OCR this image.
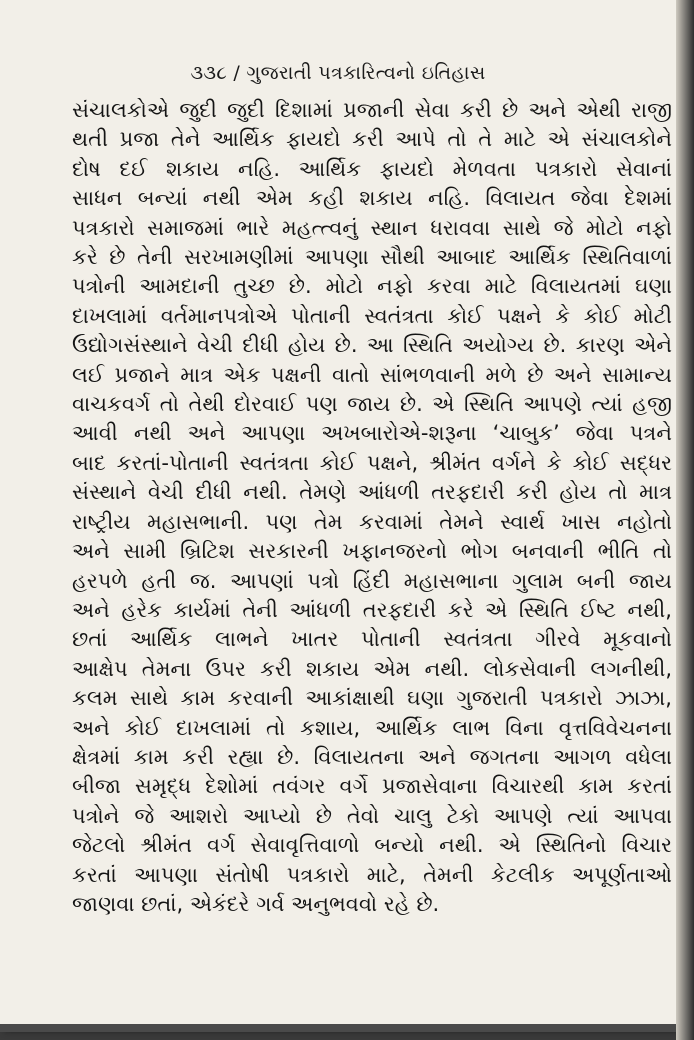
૩૩૮ / ગુજરાતી પત્રકારિત્વનો ઇતિહાસ
સંચાલકોએ જુદી જુદી દિશામાં પ્રજાની સેવા કરી છે અને એથી રાજી
થતી પ્રજા તેને આર્થિક ફાયદો કરી આપે તો તે માટે એ સંચાલકોને
દોષ દઈ શકાય નહિ. આર્થિક ફાયદો મેળવતા પત્રકારો સેવાનાં
સાધન બન્યાં નથી એમ કહી શકાય નહિ. વિલાયત જેવા દેશમાં
પત્રકારો સમાજમાં ભારે મહત્ત્વનું સ્થાન ધરાવવા સાથે જે મોટો નફો
કરે છે તેની સરખામણીમાં આપણા સૌથી આબાદ આર્થિક સ્થિતિવાળાં
પત્રોની આમદાની તુચ્છ છે. મોટો નફો કરવા માટે વિલાયતમાં ઘણા
દાખલામાં વર્તમાનપત્રોએ પોતાની સ્વતંત્રતા કોઈ પક્ષને કે કોઈ મોટી
ઉદ્યોગસંસ્થાને વેચી દીધી હોય છે. આ સ્થિતિ અયોગ્ય છે. કારણ એને
લઈ પ્રજાને માત્ર એક પક્ષની વાતો સાંભળવાની મળે છે અને સામાન્ય
વાચકવર્ગ તો તેથી દોરવાઈ પણ જાય છે. એ સ્થિતિ આપણે ત્યાં હજી
આવી નથી અને આપણા અખબારોએ-શરૂના ‘ચાબુક’ જેવા પત્રને
બાદ કરતાં-પોતાની સ્વતંત્રતા કોઈ પક્ષને, શ્રીમંત વર્ગને કે કોઈ સદ્ધર
સંસ્થાને વેચી દીધી નથી. તેમણે આંધળી તરફદારી કરી હોય તો માત્ર
રાષ્ટ્રીય મહાસભાની. પણ તેમ કરવામાં તેમને સ્વાર્થ ખાસ નહોતો
અને સામી બ્રિટિશ સરકારની ખફાનજરનો ભોગ બનવાની ભીતિ તો
હરપળે હતી જ. આપણાં પત્રો હિંદી મહાસભાના ગુલામ બની જાય
અને હરેક કાર્યમાં તેની આંધળી તરફદારી કરે એ સ્થિતિ ઈષ્ટ નથી,
છતાં આર્થિક લાભને ખાતર પોતાની સ્વતંત્રતા ગીરવે મૂકવાનો
આક્ષેપ તેમના ઉપર કરી શકાય એમ નથી. લોકસેવાની લગનીથી,
કલમ સાથે કામ કરવાની આકાંક્ષાથી ઘણા ગુજરાતી પત્રકારો ઝાઝા,
અને કોઈ દાખલામાં તો કશાય, આર્થિક લાભ વિના વૃત્તવિવેચનના
ક્ષેત્રમાં કામ કરી રહ્યા છે. વિલાયતના અને જગતના આગળ વધેલા
બીજા સમૃદ્ધ દેશોમાં તવંગર વર્ગે પ્રજાસેવાના વિચારથી કામ કરતાં
પત્રોને જે આશરો આપ્યો છે તેવો ચાલુ ટેકો આપણે ત્યાં આપવા
જેટલો શ્રીમંત વર્ગ સેવાવૃત્તિવાળો બન્યો નથી. એ સ્થિતિનો વિચાર
કરતાં આપણા સંતોષી પત્રકારો માટે, તેમની કેટલીક અપૂર્ણતાઓ
જાણવા છતાં, એકંદરે ગર્વ અનુભવવો રહે છે.
